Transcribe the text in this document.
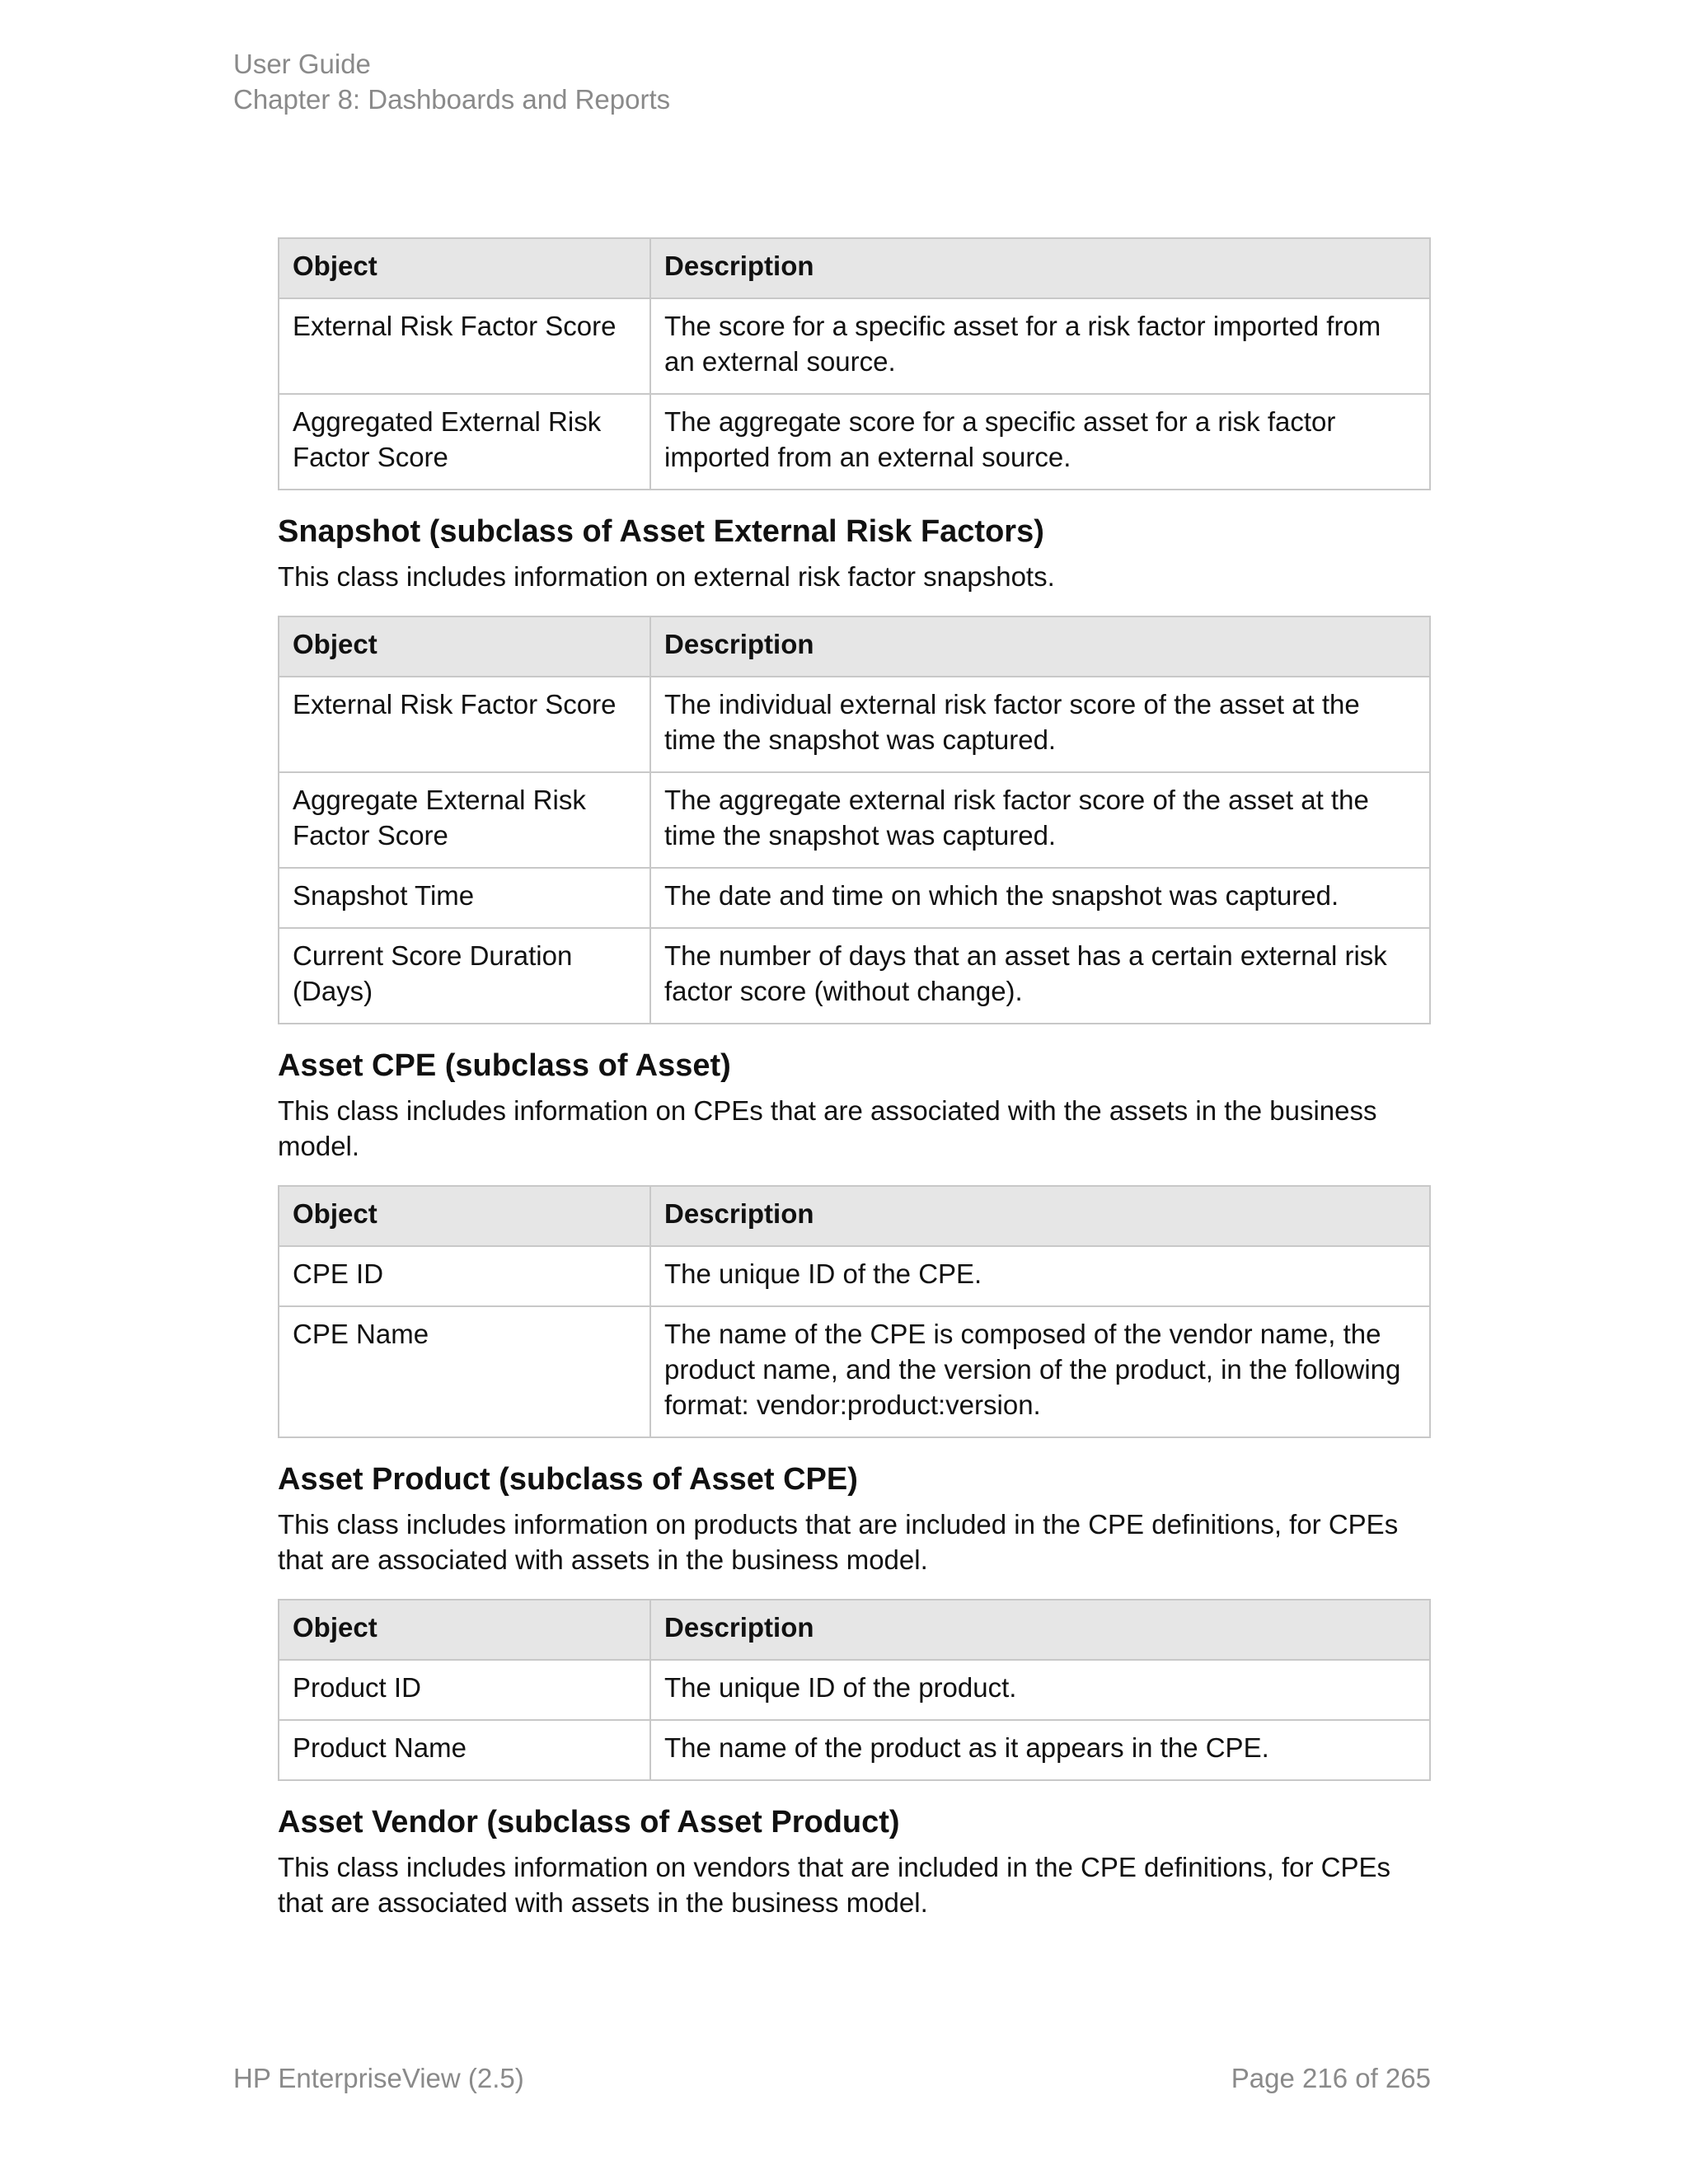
User Guide
Chapter 8: Dashboards and Reports
Object	Description
External Risk Factor Score	The score for a specific asset for a risk factor imported from an external source.
Aggregated External Risk Factor Score	The aggregate score for a specific asset for a risk factor imported from an external source.
Snapshot (subclass of Asset External Risk Factors)

This class includes information on external risk factor snapshots.

Object	Description
External Risk Factor Score	The individual external risk factor score of the asset at the time the snapshot was captured.
Aggregate External Risk Factor Score	The aggregate external risk factor score of the asset at the time the snapshot was captured.
Snapshot Time	The date and time on which the snapshot was captured.
Current Score Duration (Days)	The number of days that an asset has a certain external risk factor score (without change).
Asset CPE (subclass of Asset)

This class includes information on CPEs that are associated with the assets in the business model.

Object	Description
CPE ID	The unique ID of the CPE.
CPE Name	The name of the CPE is composed of the vendor name, the product name, and the version of the product, in the following format: vendor:product:version.
Asset Product (subclass of Asset CPE)

This class includes information on products that are included in the CPE definitions, for CPEs that are associated with assets in the business model.

Object	Description
Product ID	The unique ID of the product.
Product Name	The name of the product as it appears in the CPE.
Asset Vendor (subclass of Asset Product)

This class includes information on vendors that are included in the CPE definitions, for CPEs that are associated with assets in the business model.

HP EnterpriseView (2.5)	Page 216 of 265
